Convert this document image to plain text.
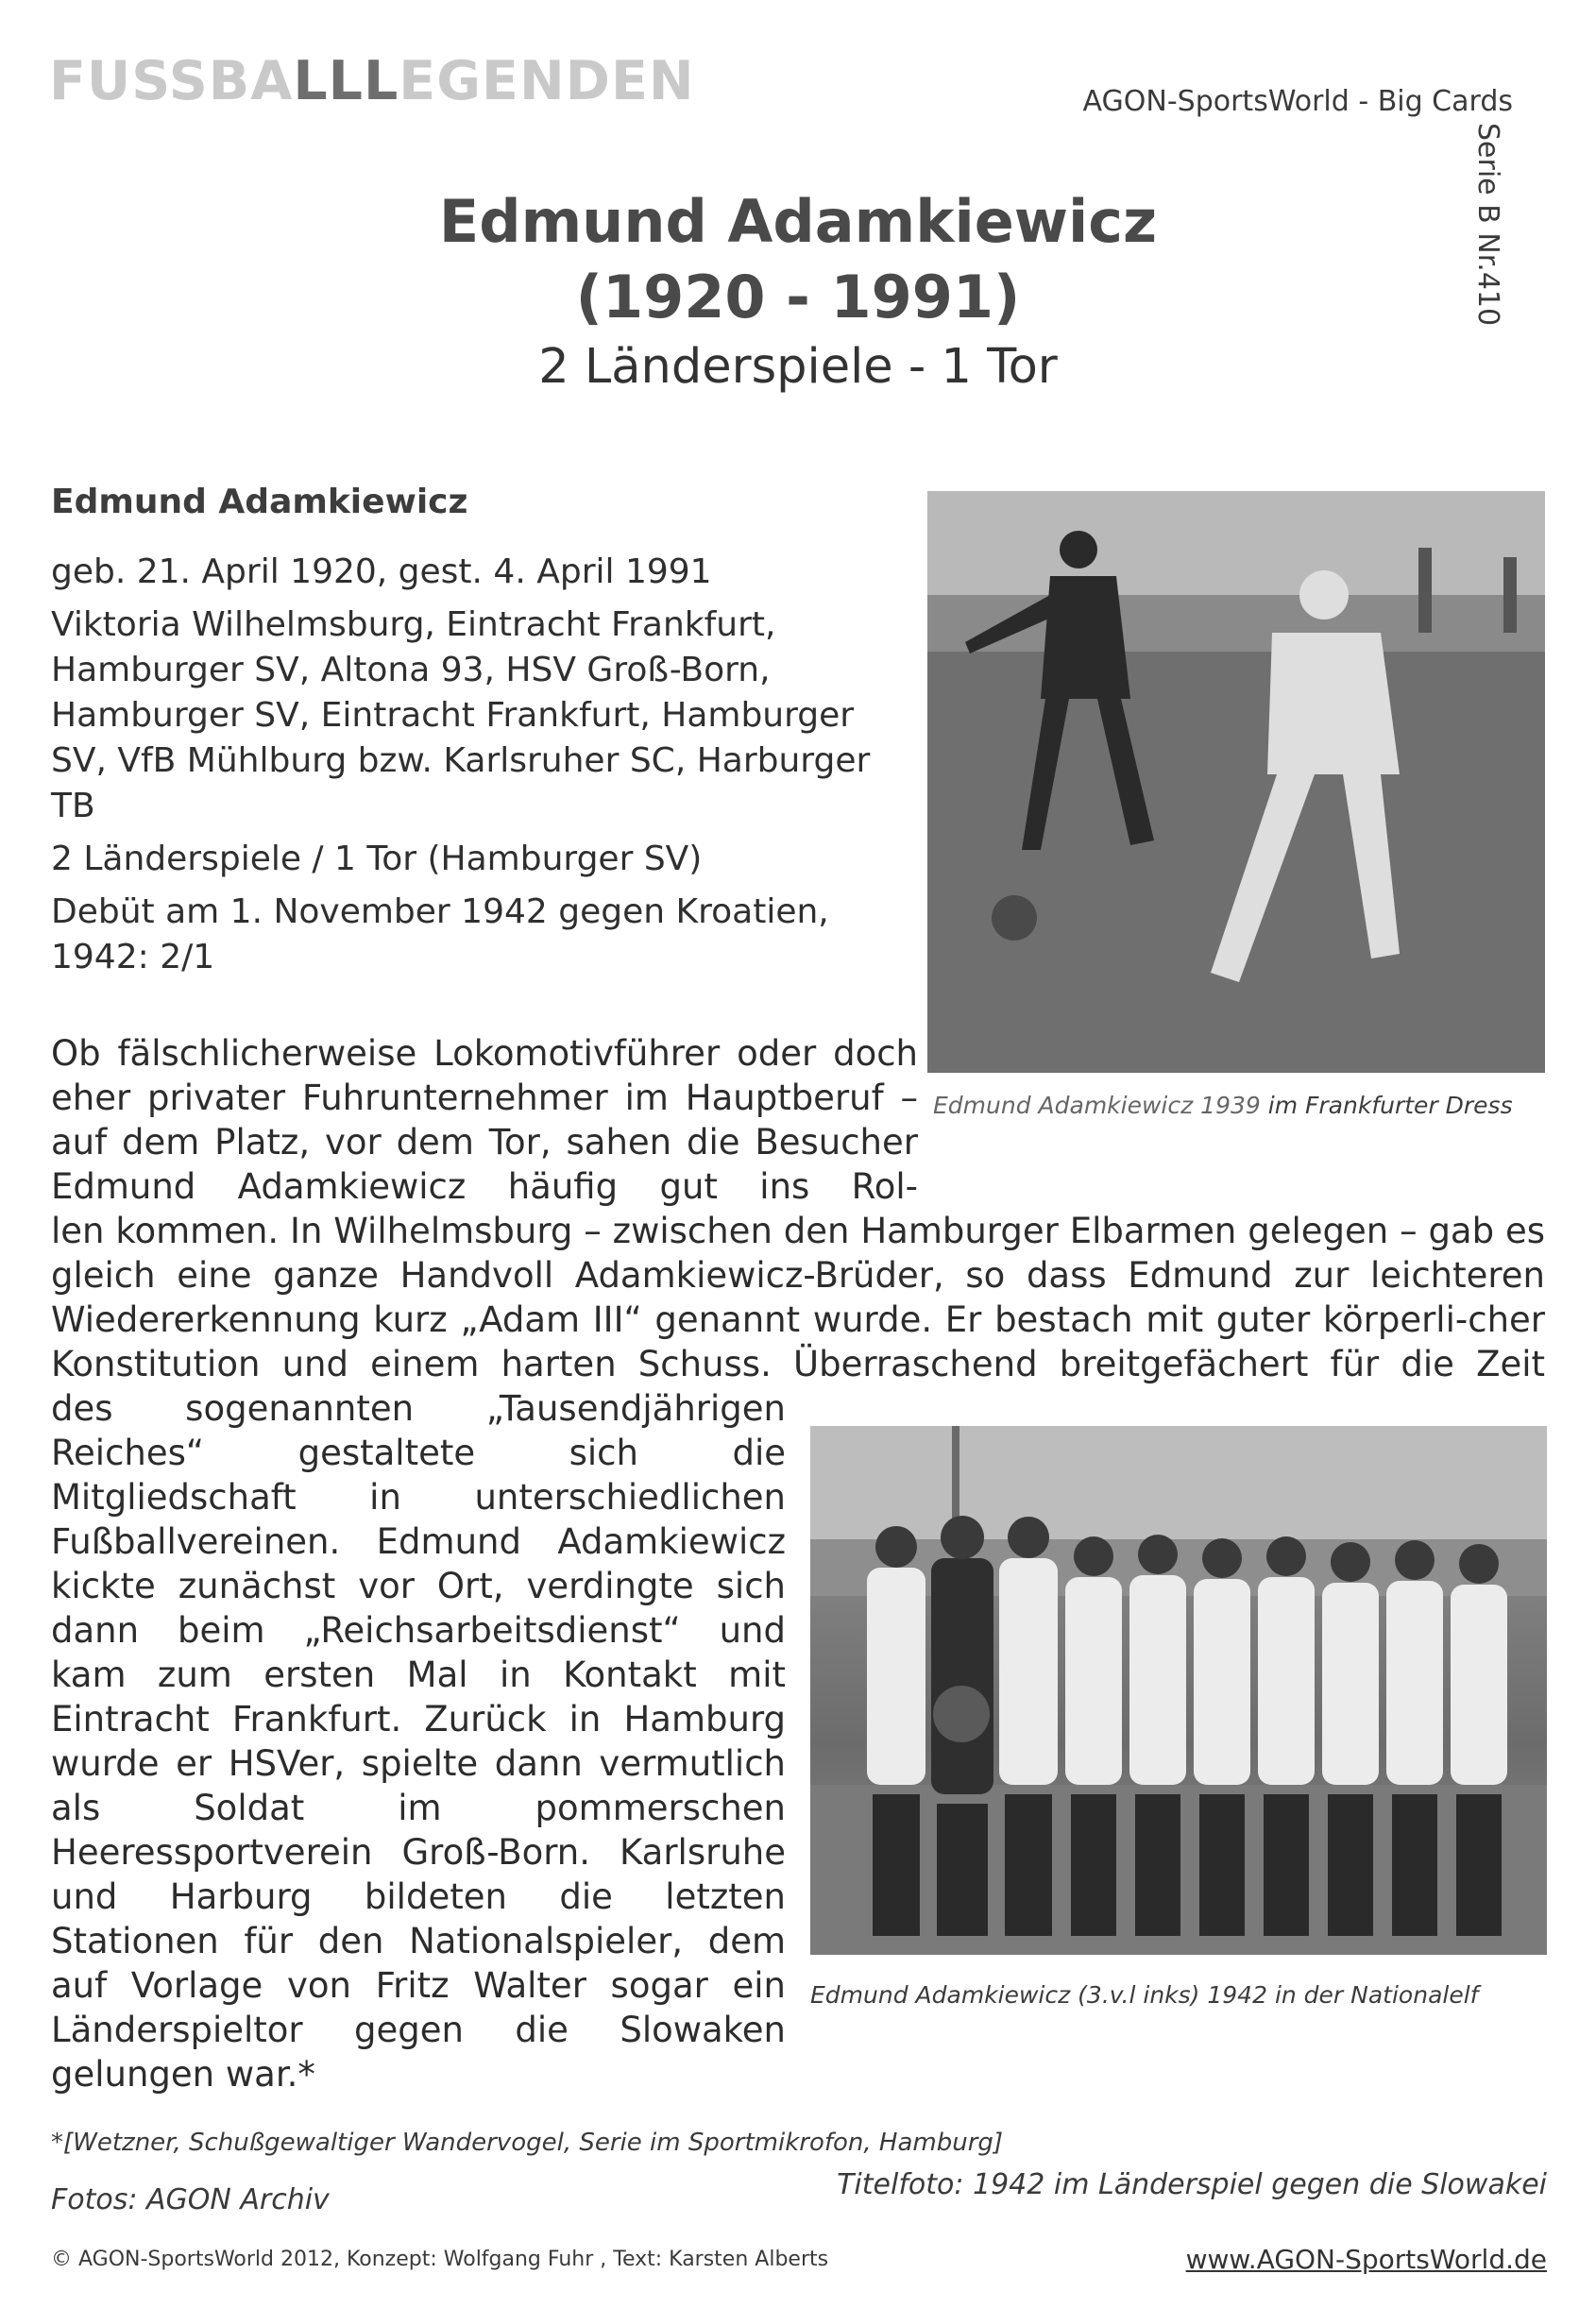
FUSSBALLLEGENDEN	AGON-SportsWorld - Big Cards
Serie B Nr.410
Edmund Adamkiewicz
(1920 - 1991)
2 Länderspiele - 1 Tor
Edmund Adamkiewicz

geb. 21. April 1920, gest. 4. April 1991

Viktoria Wilhelmsburg, Eintracht Frankfurt, Hamburger SV, Altona 93, HSV Groß-Born, Hamburger SV, Eintracht Frankfurt, Hamburger SV, VfB Mühlburg bzw. Karlsruher SC, Harburger TB

2 Länderspiele / 1 Tor (Hamburger SV)

Debüt am 1. November 1942 gegen Kroatien, 1942: 2/1

Edmund Adamkiewicz 1939 im Frankfurter Dress

Ob fälschlicherweise Lokomotivführer oder doch eher privater Fuhrunternehmer im Hauptberuf – auf dem Platz, vor dem Tor, sahen die Besucher Edmund Adamkiewicz häufig gut ins Rol-

len kommen. In Wilhelmsburg – zwischen den Hamburger Elbarmen gelegen – gab es gleich eine ganze Handvoll Adamkiewicz-Brüder, so dass Edmund zur leichteren Wiedererkennung kurz „Adam III“ genannt wurde. Er bestach mit guter körperli-cher Konstitution und einem harten Schuss. Überraschend breitgefächert für die Zeit

des sogenannten „Tausendjährigen Reiches“ gestaltete sich die Mitgliedschaft in unterschiedlichen Fußballvereinen. Edmund Adamkiewicz kickte zunächst vor Ort, verdingte sich dann beim „Reichsarbeitsdienst“ und kam zum ersten Mal in Kontakt mit Eintracht Frankfurt. Zurück in Hamburg wurde er HSVer, spielte dann vermutlich als Soldat im pommerschen Heeressportverein Groß-Born. Karlsruhe und Harburg bildeten die letzten Stationen für den Nationalspieler, dem auf Vorlage von Fritz Walter sogar ein Länderspieltor gegen die Slowaken gelungen war.*

Edmund Adamkiewicz (3.v.l inks) 1942 in der Nationalelf
*[Wetzner, Schußgewaltiger Wandervogel, Serie im Sportmikrofon, Hamburg]
Fotos: AGON Archiv	Titelfoto: 1942 im Länderspiel gegen die Slowakei
© AGON-SportsWorld 2012, Konzept: Wolfgang Fuhr , Text: Karsten Alberts	www.AGON-SportsWorld.de
